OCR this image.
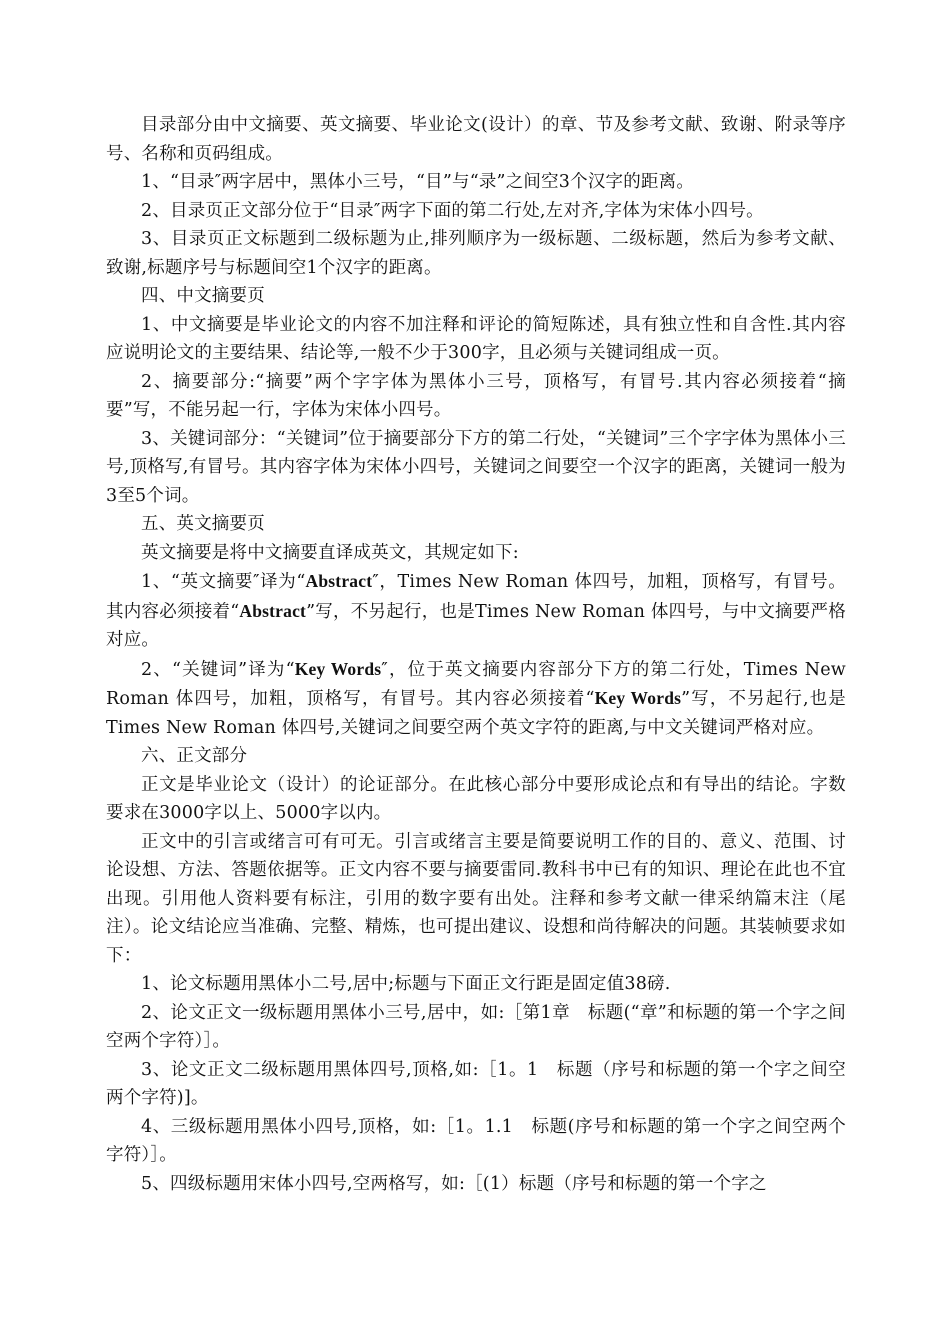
目录部分由中文摘要、英文摘要、毕业论文(设计）的章、节及参考文献、致谢、附录等序号、名称和页码组成。

1、“目录″两字居中，黑体小三号，“目”与“录”之间空3个汉字的距离。

2、目录页正文部分位于“目录″两字下面的第二行处,左对齐,字体为宋体小四号。

3、目录页正文标题到二级标题为止,排列顺序为一级标题、二级标题，然后为参考文献、致谢,标题序号与标题间空1个汉字的距离。

四、中文摘要页

1、中文摘要是毕业论文的内容不加注释和评论的简短陈述，具有独立性和自含性.其内容应说明论文的主要结果、结论等,一般不少于300字，且必须与关键词组成一页。

2、摘要部分:“摘要”两个字字体为黑体小三号，顶格写，有冒号.其内容必须接着“摘要”写，不能另起一行，字体为宋体小四号。

3、关键词部分：“关键词”位于摘要部分下方的第二行处，“关键词”三个字字体为黑体小三号,顶格写,有冒号。其内容字体为宋体小四号，关键词之间要空一个汉字的距离，关键词一般为3至5个词。

五、英文摘要页

英文摘要是将中文摘要直译成英文，其规定如下:

1、“英文摘要″译为“Abstract″，Times New Roman 体四号，加粗，顶格写，有冒号。其内容必须接着“Abstract”写，不另起行，也是Times New Roman 体四号，与中文摘要严格对应。

2、“关键词”译为“Key Words″，位于英文摘要内容部分下方的第二行处，Times New Roman 体四号，加粗，顶格写，有冒号。其内容必须接着“Key Words”写，不另起行,也是Times New Roman 体四号,关键词之间要空两个英文字符的距离,与中文关键词严格对应。

六、正文部分

正文是毕业论文（设计）的论证部分。在此核心部分中要形成论点和有导出的结论。字数要求在3000字以上、5000字以内。

正文中的引言或绪言可有可无。引言或绪言主要是简要说明工作的目的、意义、范围、讨论设想、方法、答题依据等。正文内容不要与摘要雷同.教科书中已有的知识、理论在此也不宜出现。引用他人资料要有标注，引用的数字要有出处。注释和参考文献一律采纳篇末注（尾注）。论文结论应当准确、完整、精炼，也可提出建议、设想和尚待解决的问题。其装帧要求如下：

1、论文标题用黑体小二号,居中;标题与下面正文行距是固定值38磅.

2、论文正文一级标题用黑体小三号,居中，如:［第1章　标题(“章”和标题的第一个字之间空两个字符）］。

3、论文正文二级标题用黑体四号,顶格,如:［1。1　标题（序号和标题的第一个字之间空两个字符)]。

4、三级标题用黑体小四号,顶格，如:［1。1.1　标题(序号和标题的第一个字之间空两个字符）］。

5、四级标题用宋体小四号,空两格写，如:［(1）标题（序号和标题的第一个字之
